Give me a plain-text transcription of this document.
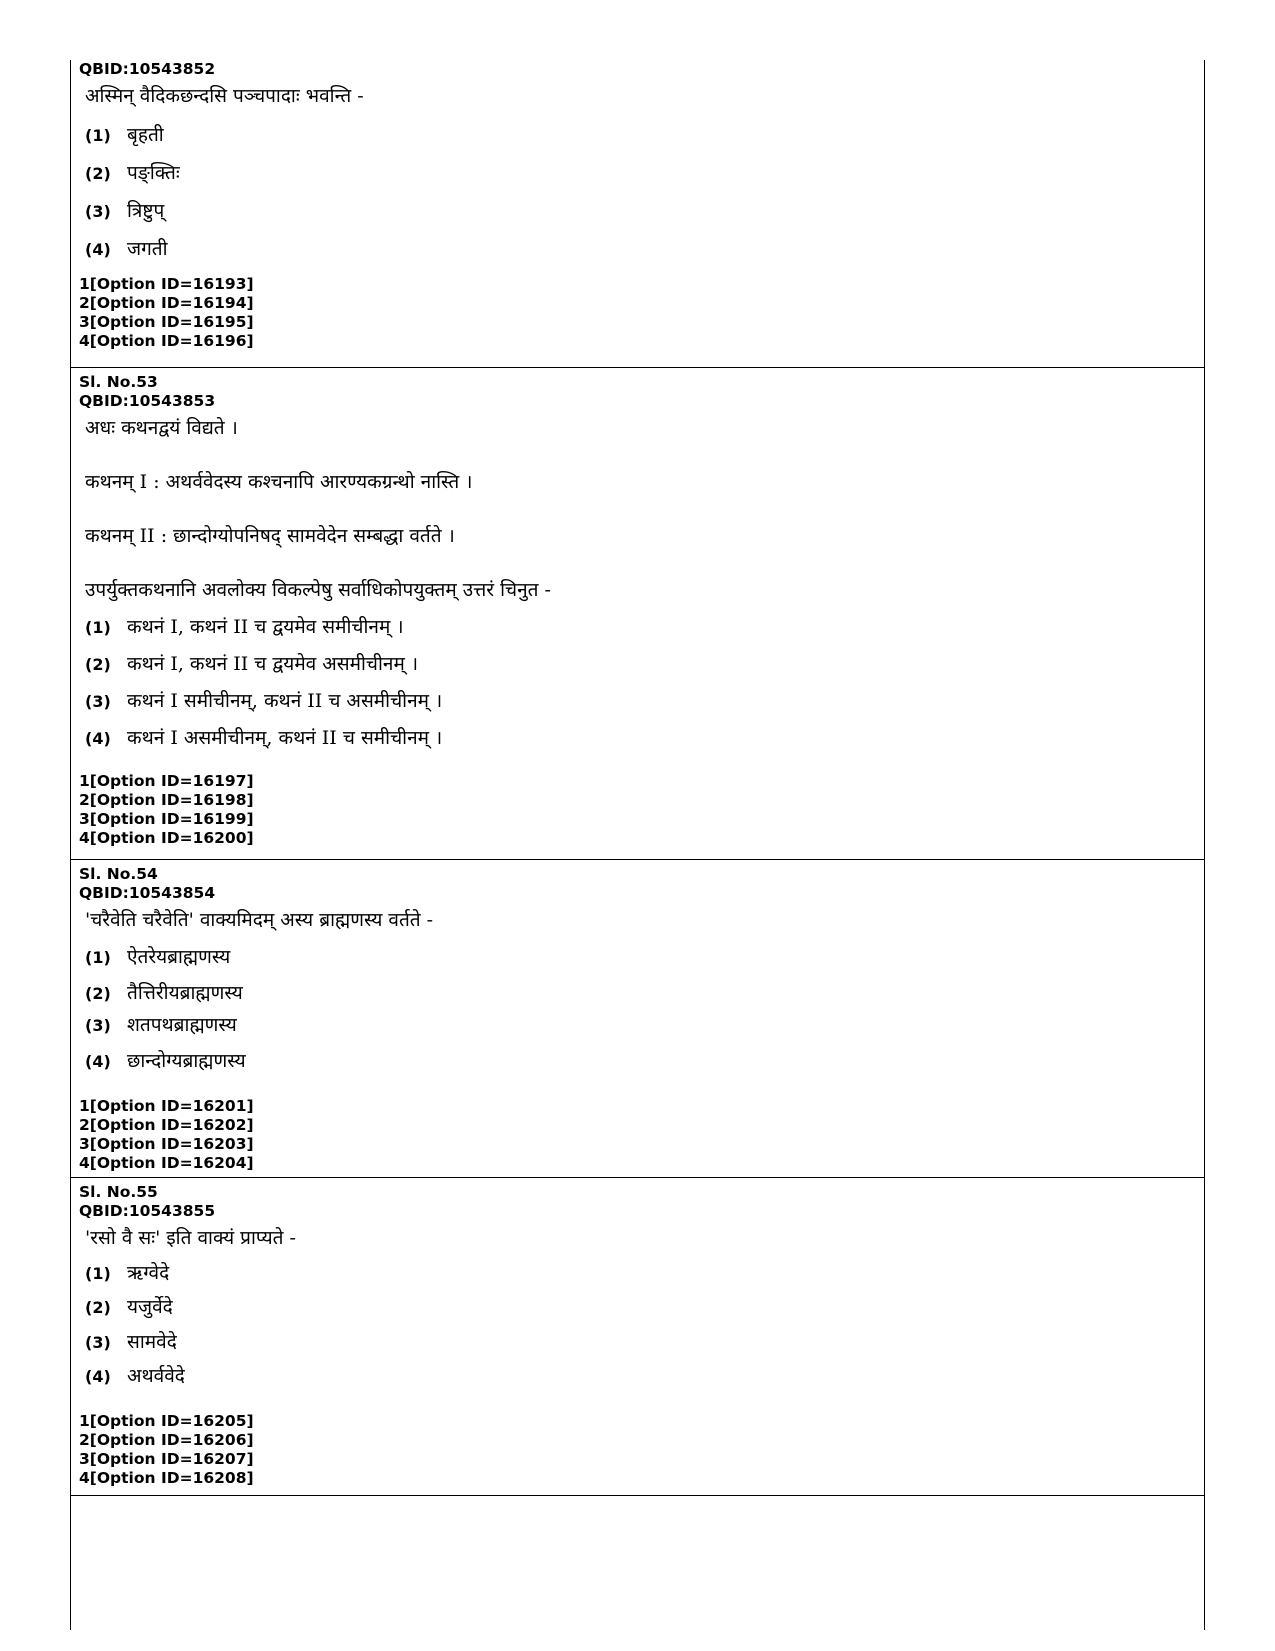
QBID:10543852
अस्मिन् वैदिकछन्दसि पञ्चपादाः भवन्ति -
(1) बृहती
(2) पङ्क्तिः
(3) त्रिष्टुप्
(4) जगती
1[Option ID=16193]
2[Option ID=16194]
3[Option ID=16195]
4[Option ID=16196]
Sl. No.53
QBID:10543853
अधः कथनद्वयं विद्यते ।
कथनम् I : अथर्ववेदस्य कश्चनापि आरण्यकग्रन्थो नास्ति ।
कथनम् II : छान्दोग्योपनिषद् सामवेदेन सम्बद्धा वर्तते ।
उपर्युक्तकथनानि अवलोक्य विकल्पेषु सर्वाधिकोपयुक्तम् उत्तरं चिनुत -
(1) कथनं I, कथनं II च द्वयमेव समीचीनम् ।
(2) कथनं I, कथनं II च द्वयमेव असमीचीनम् ।
(3) कथनं I समीचीनम्, कथनं II च असमीचीनम् ।
(4) कथनं I असमीचीनम्, कथनं II च समीचीनम् ।
1[Option ID=16197]
2[Option ID=16198]
3[Option ID=16199]
4[Option ID=16200]
Sl. No.54
QBID:10543854
'चरैवेति चरैवेति' वाक्यमिदम् अस्य ब्राह्मणस्य वर्तते -
(1) ऐतरेयब्राह्मणस्य
(2) तैत्तिरीयब्राह्मणस्य
(3) शतपथब्राह्मणस्य
(4) छान्दोग्यब्राह्मणस्य
1[Option ID=16201]
2[Option ID=16202]
3[Option ID=16203]
4[Option ID=16204]
Sl. No.55
QBID:10543855
'रसो वै सः' इति वाक्यं प्राप्यते -
(1) ऋग्वेदे
(2) यजुर्वेदे
(3) सामवेदे
(4) अथर्ववेदे
1[Option ID=16205]
2[Option ID=16206]
3[Option ID=16207]
4[Option ID=16208]
